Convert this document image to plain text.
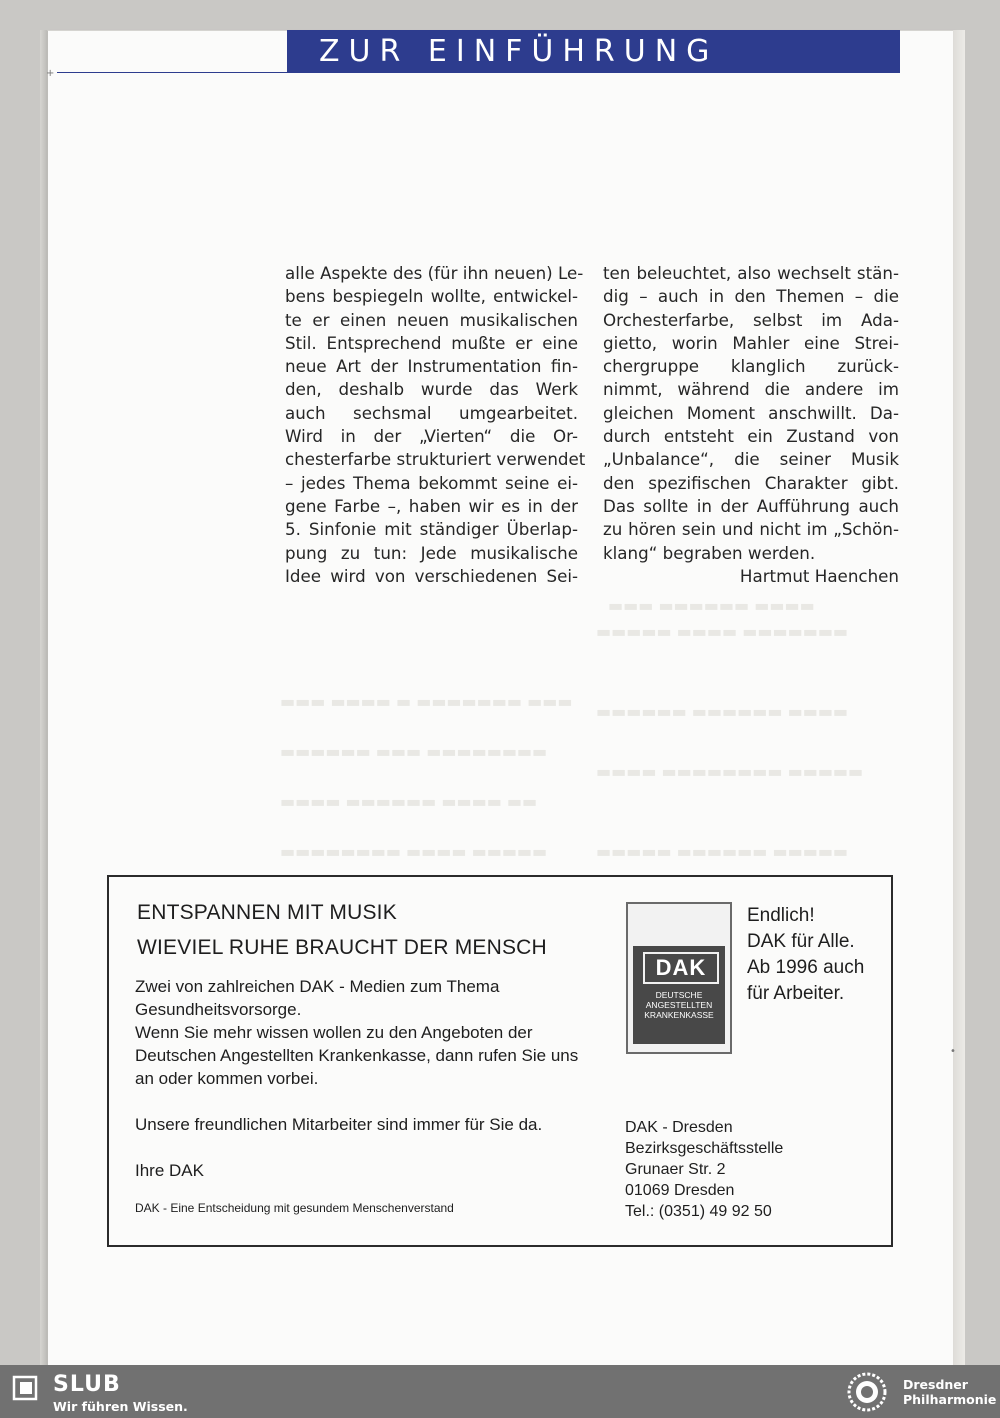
ZUR EINFÜHRUNG
+
•
▬▬▬ ▬▬▬▬▬▬ ▬▬▬▬
▬▬▬▬▬ ▬▬▬▬ ▬▬▬▬▬▬▬
▬▬▬ ▬▬▬▬ ▬ ▬▬▬▬▬▬▬ ▬▬▬
▬▬▬▬▬▬ ▬▬▬▬▬▬ ▬▬▬▬
▬▬▬▬▬▬ ▬▬▬ ▬▬▬▬▬▬▬▬
▬▬▬▬ ▬▬▬▬▬▬▬▬ ▬▬▬▬▬
▬▬▬▬ ▬▬▬▬▬▬ ▬▬▬▬ ▬▬
▬▬▬▬▬▬▬▬ ▬▬▬▬ ▬▬▬▬▬	▬▬▬▬▬ ▬▬▬▬▬▬ ▬▬▬▬▬
alle Aspekte des (für ihn neuen) Le-
bens bespiegeln wollte, entwickel-
te er einen neuen musikalischen
Stil. Entsprechend mußte er eine
neue Art der Instrumentation fin-
den, deshalb wurde das Werk
auch sechsmal umgearbeitet.
Wird in der „Vierten“ die Or-
chesterfarbe strukturiert verwendet
– jedes Thema bekommt seine ei-
gene Farbe –, haben wir es in der
5. Sinfonie mit ständiger Überlap-
pung zu tun: Jede musikalische
Idee wird von verschiedenen Sei-
ten beleuchtet, also wechselt stän-
dig – auch in den Themen – die
Orchesterfarbe, selbst im Ada-
gietto, worin Mahler eine Strei-
chergruppe klanglich zurück-
nimmt, während die andere im
gleichen Moment anschwillt. Da-
durch entsteht ein Zustand von
„Unbalance“, die seiner Musik
den spezifischen Charakter gibt.
Das sollte in der Aufführung auch
zu hören sein und nicht im „Schön-
klang“ begraben werden.
Hartmut Haenchen
ENTSPANNEN MIT MUSIK
WIEVIEL RUHE BRAUCHT DER MENSCH
Zwei von zahlreichen DAK - Medien zum Thema Gesundheitsvorsorge.
Wenn Sie mehr wissen wollen zu den Angeboten der Deutschen Angestellten Krankenkasse, dann rufen Sie uns an oder kommen vorbei.
Unsere freundlichen Mitarbeiter sind immer für Sie da.
Ihre DAK
DAK - Eine Entscheidung mit gesundem Menschenverstand
DAK
DEUTSCHE
ANGESTELLTEN
KRANKENKASSE
Endlich!
DAK für Alle.
Ab 1996 auch
für Arbeiter.
DAK - Dresden
Bezirksgeschäftsstelle
Grunaer Str. 2
01069 Dresden
Tel.: (0351) 49 92 50
SLUB
Wir führen Wissen.
Dresdner
Philharmonie
